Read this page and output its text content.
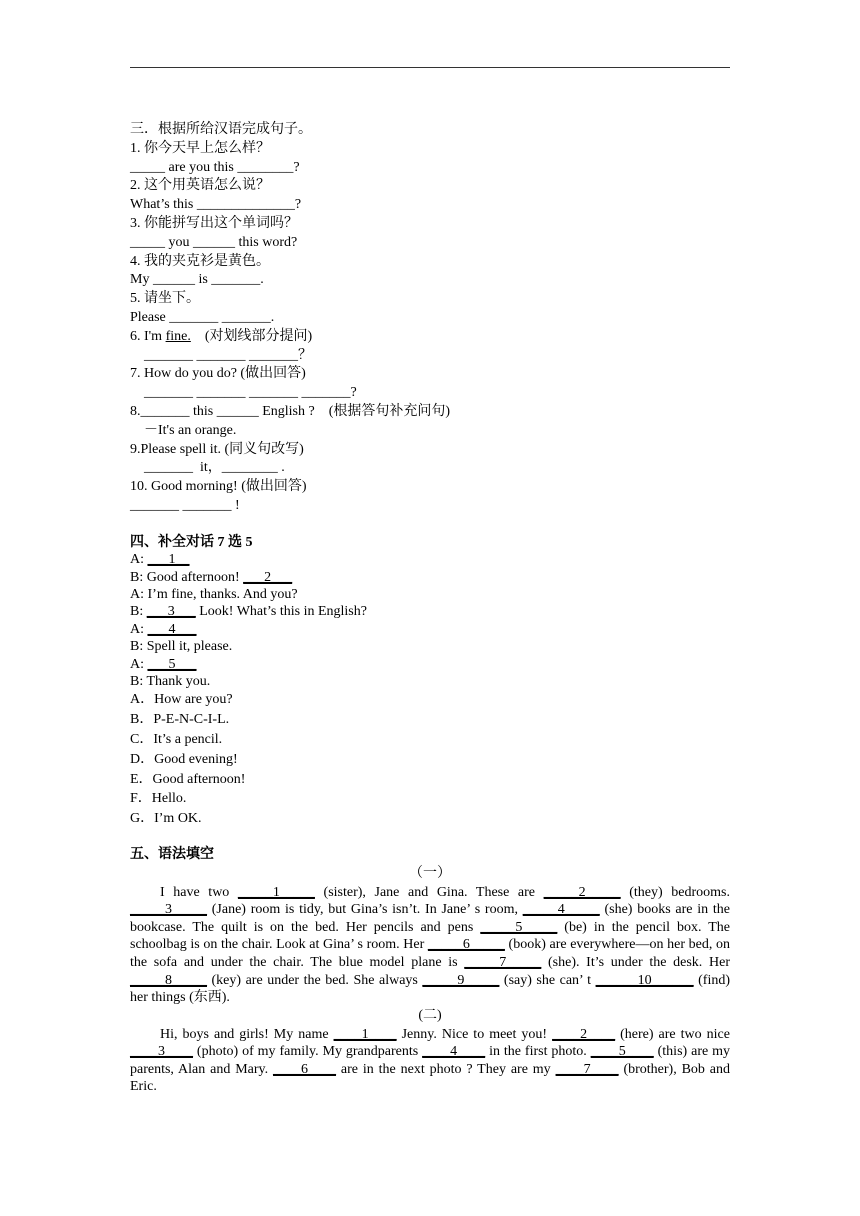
三．根据所给汉语完成句子。
1. 你今天早上怎么样？
_____ are you this ________?
2. 这个用英语怎么说？
What’s this ______________?
3. 你能拼写出这个单词吗？
_____ you ______ this word?
4. 我的夹克衫是黄色。
My ______ is _______.
5. 请坐下。
Please _______ _______.
6. I'm fine.    (对划线部分提问)
_______ _______ _______？
7. How do you do? (做出回答)
_______ _______ _______ _______?
8._______ this ______ English ?    (根据答句补充问句)
－It's an orange.
9.Please spell it. (同义句改写)
_______  it，________ .
10. Good morning! (做出回答)
_______ _______ !
四、补全对话 7 选 5
A: ___1__
B: Good afternoon! ___2___
A: I’m fine, thanks. And you?
B: ___3___ Look! What’s this in English?
A: ___4___
B: Spell it, please.
A: ___5___
B: Thank you.
A．How are you?
B．P-E-N-C-I-L.
C．It’s a pencil.
D．Good evening!
E．Good afternoon!
F．Hello.
G．I’m OK.
五、语法填空
（一）
I have two _____1_____ (sister), Jane and Gina. These are _____2_____ (they) bedrooms. _____3_____ (Jane) room is tidy, but Gina’s isn’t. In Jane’ s room, _____4_____ (she) books are in the bookcase. The quilt is on the bed. Her pencils and pens _____5_____ (be) in the pencil box. The schoolbag is on the chair. Look at Gina’ s room. Her _____6_____ (book) are everywhere—on her bed, on the sofa and under the chair. The blue model plane is _____7_____ (she). It’s under the desk. Her _____8_____ (key) are under the bed. She always _____9_____ (say) she can’ t ______10______ (find) her things (东西).
(二)
Hi, boys and girls! My name ____1____ Jenny. Nice to meet you! ____2____ (here) are two nice ____3____ (photo) of my family. My grandparents ____4____ in the first photo. ____5____ (this) are my parents, Alan and Mary. ____6____ are in the next photo ? They are my ____7____ (brother), Bob and Eric.
